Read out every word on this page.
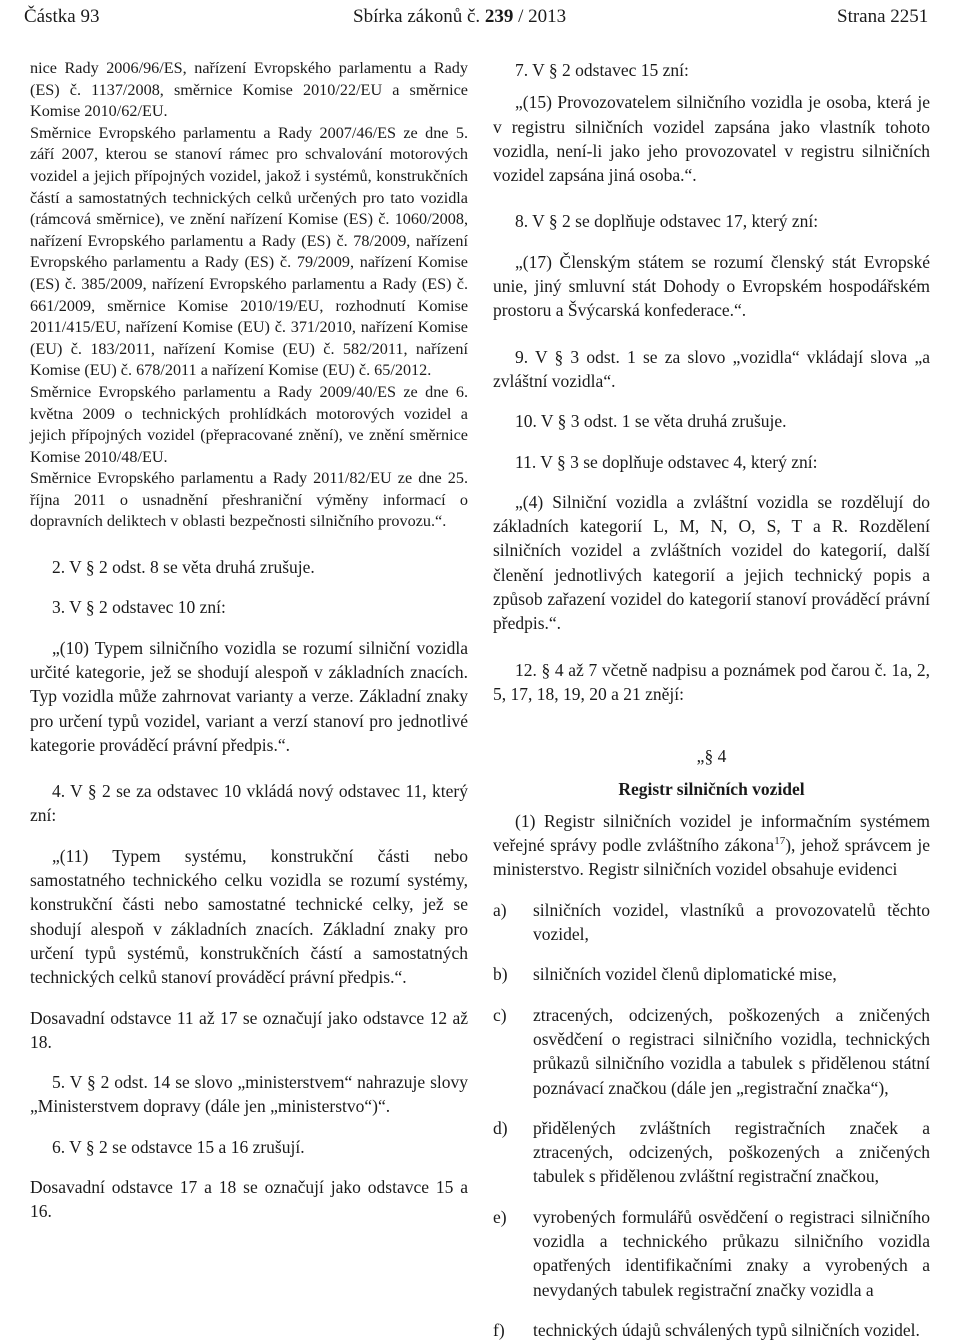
Částka 93	Sbírka zákonů č. 239 / 2013	Strana 2251

nice Rady 2006/96/ES, nařízení Evropského parlamentu a Rady (ES) č. 1137/2008, směrnice Komise 2010/22/EU a směrnice Komise 2010/62/EU.

Směrnice Evropského parlamentu a Rady 2007/46/ES ze dne 5. září 2007, kterou se stanoví rámec pro schvalování motorových vozidel a jejich přípojných vozidel, jakož i systémů, konstrukčních částí a samostatných technických celků určených pro tato vozidla (rámcová směrnice), ve znění nařízení Komise (ES) č. 1060/2008, nařízení Evropského parlamentu a Rady (ES) č. 78/2009, nařízení Evropského parlamentu a Rady (ES) č. 79/2009, nařízení Komise (ES) č. 385/2009, nařízení Evropského parlamentu a Rady (ES) č. 661/2009, směrnice Komise 2010/19/EU, rozhodnutí Komise 2011/415/EU, nařízení Komise (EU) č. 371/2010, nařízení Komise (EU) č. 183/2011, nařízení Komise (EU) č. 582/2011, nařízení Komise (EU) č. 678/2011 a nařízení Komise (EU) č. 65/2012.

Směrnice Evropského parlamentu a Rady 2009/40/ES ze dne 6. května 2009 o technických prohlídkách motorových vozidel a jejich přípojných vozidel (přepracované znění), ve znění směrnice Komise 2010/48/EU.

Směrnice Evropského parlamentu a Rady 2011/82/EU ze dne 25. října 2011 o usnadnění přeshraniční výměny informací o dopravních deliktech v oblasti bezpečnosti silničního provozu.“.

2. V § 2 odst. 8 se věta druhá zrušuje.

3. V § 2 odstavec 10 zní:

„(10) Typem silničního vozidla se rozumí silniční vozidla určité kategorie, jež se shodují alespoň v základních znacích. Typ vozidla může zahrnovat varianty a verze. Základní znaky pro určení typů vozidel, variant a verzí stanoví pro jednotlivé kategorie prováděcí právní předpis.“.

4. V § 2 se za odstavec 10 vkládá nový odstavec 11, který zní:

„(11) Typem systému, konstrukční části nebo samostatného technického celku vozidla se rozumí systémy, konstrukční části nebo samostatné technické celky, jež se shodují alespoň v základních znacích. Základní znaky pro určení typů systémů, konstrukčních částí a samostatných technických celků stanoví prováděcí právní předpis.“.

Dosavadní odstavce 11 až 17 se označují jako odstavce 12 až 18.

5. V § 2 odst. 14 se slovo „ministerstvem“ nahrazuje slovy „Ministerstvem dopravy (dále jen „ministerstvo“)“.

6. V § 2 se odstavce 15 a 16 zrušují.

Dosavadní odstavce 17 a 18 se označují jako odstavce 15 a 16.

7. V § 2 odstavec 15 zní:

„(15) Provozovatelem silničního vozidla je osoba, která je v registru silničních vozidel zapsána jako vlastník tohoto vozidla, není-li jako jeho provozovatel v registru silničních vozidel zapsána jiná osoba.“.

8. V § 2 se doplňuje odstavec 17, který zní:

„(17) Členským státem se rozumí členský stát Evropské unie, jiný smluvní stát Dohody o Evropském hospodářském prostoru a Švýcarská konfederace.“.

9. V § 3 odst. 1 se za slovo „vozidla“ vkládají slova „a zvláštní vozidla“.

10. V § 3 odst. 1 se věta druhá zrušuje.

11. V § 3 se doplňuje odstavec 4, který zní:

„(4) Silniční vozidla a zvláštní vozidla se rozdělují do základních kategorií L, M, N, O, S, T a R. Rozdělení silničních vozidel a zvláštních vozidel do kategorií, další členění jednotlivých kategorií a jejich technický popis a způsob zařazení vozidel do kategorií stanoví prováděcí právní předpis.“.

12. § 4 až 7 včetně nadpisu a poznámek pod čarou č. 1a, 2, 5, 17, 18, 19, 20 a 21 znějí:

„§ 4

Registr silničních vozidel

(1) Registr silničních vozidel je informačním systémem veřejné správy podle zvláštního zákona$^{17}$), jehož správcem je ministerstvo. Registr silničních vozidel obsahuje evidenci

a) silničních vozidel, vlastníků a provozovatelů těchto vozidel,

b) silničních vozidel členů diplomatické mise,

c) ztracených, odcizených, poškozených a zničených osvědčení o registraci silničního vozidla, technických průkazů silničního vozidla a tabulek s přidělenou státní poznávací značkou (dále jen „registrační značka“),

d) přidělených zvláštních registračních značek a ztracených, odcizených, poškozených a zničených tabulek s přidělenou zvláštní registrační značkou,

e) vyrobených formulářů osvědčení o registraci silničního vozidla a technického průkazu silničního vozidla opatřených identifikačními znaky a vyrobených a nevydaných tabulek registrační značky vozidla a

f) technických údajů schválených typů silničních vozidel.
